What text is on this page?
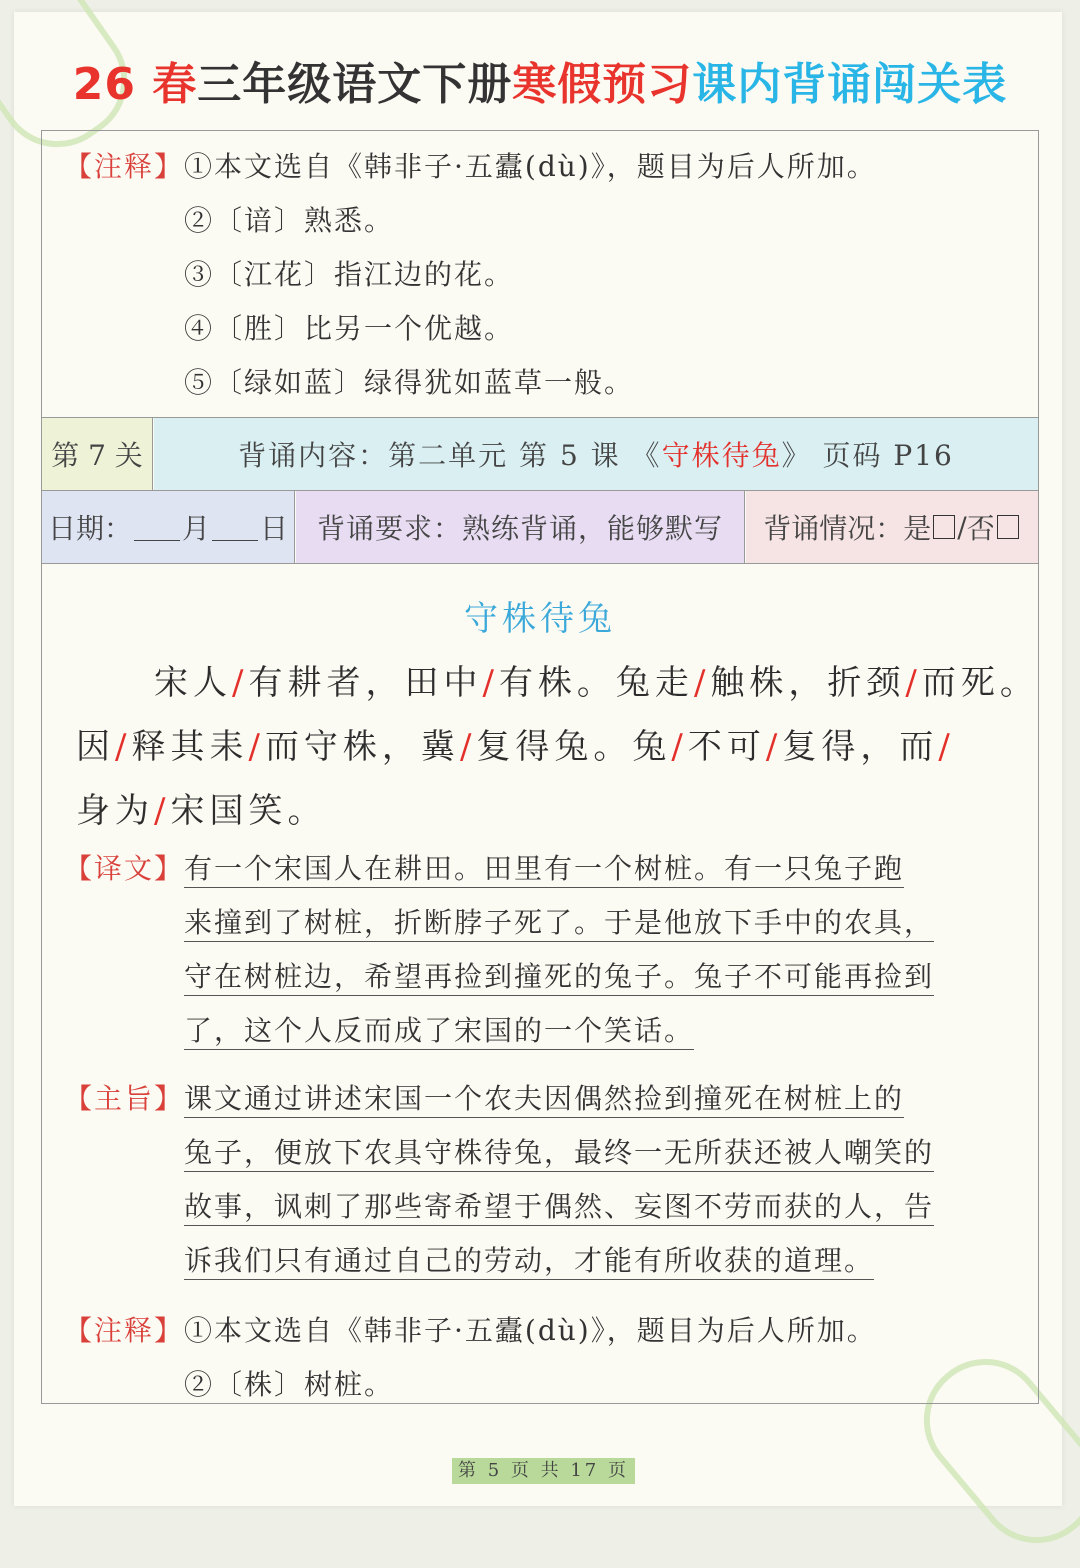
26 春三年级语文下册寒假预习课内背诵闯关表
【注释】①本文选自《韩非子·五蠹(dù)》，题目为后人所加。
②〔谙〕熟悉。
③〔江花〕指江边的花。
④〔胜〕比另一个优越。
⑤〔绿如蓝〕绿得犹如蓝草一般。
第 7 关	背诵内容：第二单元 第 5 课 《 守株待兔 》 页码 P16
日期： 月 日	背诵要求：熟练背诵，能够默写	背诵情况： 是 / 否
守株待兔
宋人/有耕者，田中/有株。兔走/触株，折颈/而死。
因/释其耒/而守株，冀/复得兔。兔/不可/复得，而/
身为/宋国笑。
【译文】有一个宋国人在耕田。田里有一个树桩。有一只兔子跑
来撞到了树桩，折断脖子死了。于是他放下手中的农具，
守在树桩边，希望再捡到撞死的兔子。兔子不可能再捡到
了，这个人反而成了宋国的一个笑话。
【主旨】课文通过讲述宋国一个农夫因偶然捡到撞死在树桩上的
兔子，便放下农具守株待兔，最终一无所获还被人嘲笑的
故事，讽刺了那些寄希望于偶然、妄图不劳而获的人，告
诉我们只有通过自己的劳动，才能有所收获的道理。
【注释】①本文选自《韩非子·五蠹(dù)》，题目为后人所加。
②〔株〕树桩。
第 5 页 共 17 页
